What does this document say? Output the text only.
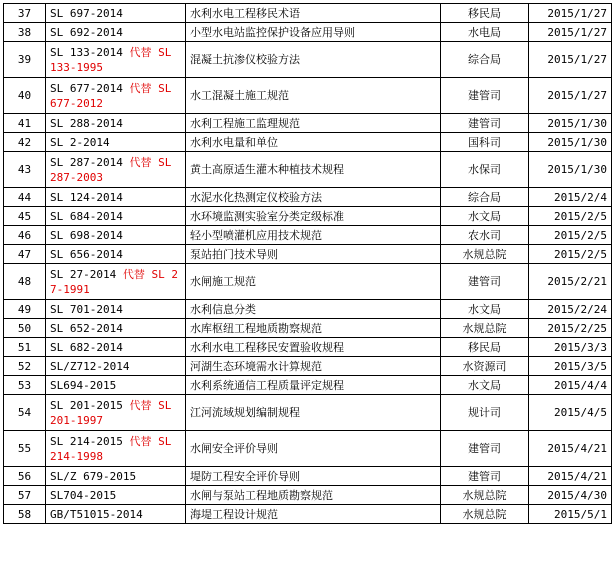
37	SL 697-2014	水利水电工程移民术语	移民局	2015/1/27
38	SL 692-2014	小型水电站监控保护设备应用导则	水电局	2015/1/27
39	SL 133-2014 代替 SL 133-1995	混凝土抗渗仪校验方法	综合局	2015/1/27
40	SL 677-2014 代替 SL 677-2012	水工混凝土施工规范	建管司	2015/1/27
41	SL 288-2014	水利工程施工监理规范	建管司	2015/1/30
42	SL 2-2014	水利水电量和单位	国科司	2015/1/30
43	SL 287-2014 代替 SL 287-2003	黄土高原适生灌木种植技术规程	水保司	2015/1/30
44	SL 124-2014	水泥水化热测定仪校验方法	综合局	2015/2/4
45	SL 684-2014	水环境监测实验室分类定级标准	水文局	2015/2/5
46	SL 698-2014	轻小型喷灌机应用技术规范	农水司	2015/2/5
47	SL 656-2014	泵站拍门技术导则	水规总院	2015/2/5
48	SL 27-2014 代替 SL 27-1991	水闸施工规范	建管司	2015/2/21
49	SL 701-2014	水利信息分类	水文局	2015/2/24
50	SL 652-2014	水库枢纽工程地质勘察规范	水规总院	2015/2/25
51	SL 682-2014	水利水电工程移民安置验收规程	移民局	2015/3/3
52	SL/Z712-2014	河湖生态环境需水计算规范	水资源司	2015/3/5
53	SL694-2015	水利系统通信工程质量评定规程	水文局	2015/4/4
54	SL 201-2015 代替 SL 201-1997	江河流域规划编制规程	规计司	2015/4/5
55	SL 214-2015 代替 SL 214-1998	水闸安全评价导则	建管司	2015/4/21
56	SL/Z 679-2015	堤防工程安全评价导则	建管司	2015/4/21
57	SL704-2015	水闸与泵站工程地质勘察规范	水规总院	2015/4/30
58	GB/T51015-2014	海堤工程设计规范	水规总院	2015/5/1
